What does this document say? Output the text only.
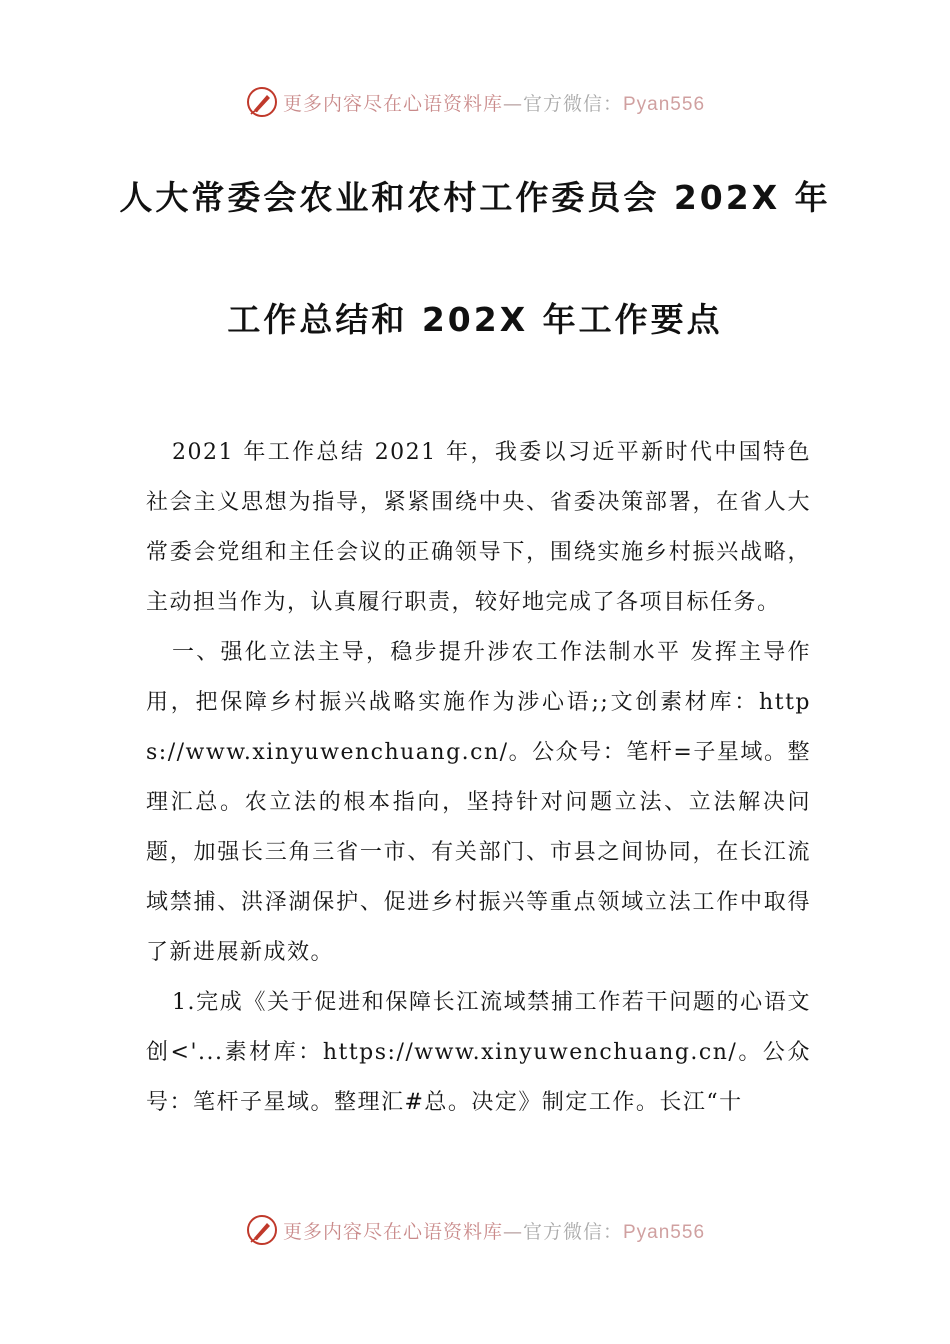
更多内容尽在心语资料库—官方微信：Pyan556
人大常委会农业和农村工作委员会 202X 年
工作总结和 202X 年工作要点

2021 年工作总结 2021 年，我委以习近平新时代中国特色社会主义思想为指导，紧紧围绕中央、省委决策部署，在省人大常委会党组和主任会议的正确领导下，围绕实施乡村振兴战略，主动担当作为，认真履行职责，较好地完成了各项目标任务。

一、强化立法主导，稳步提升涉农工作法制水平 发挥主导作用，把保障乡村振兴战略实施作为涉心语;;文创素材库：https://www.xinyuwenchuang.cn/。公众号：笔杆=子星域。整理汇总。农立法的根本指向，坚持针对问题立法、立法解决问题，加强长三角三省一市、有关部门、市县之间协同，在长江流域禁捕、洪泽湖保护、促进乡村振兴等重点领域立法工作中取得了新进展新成效。

1.完成《关于促进和保障长江流域禁捕工作若干问题的心语文创<'...素材库：https://www.xinyuwenchuang.cn/。公众号：笔杆子星域。整理汇#总。决定》制定工作。长江“十

更多内容尽在心语资料库—官方微信：Pyan556
